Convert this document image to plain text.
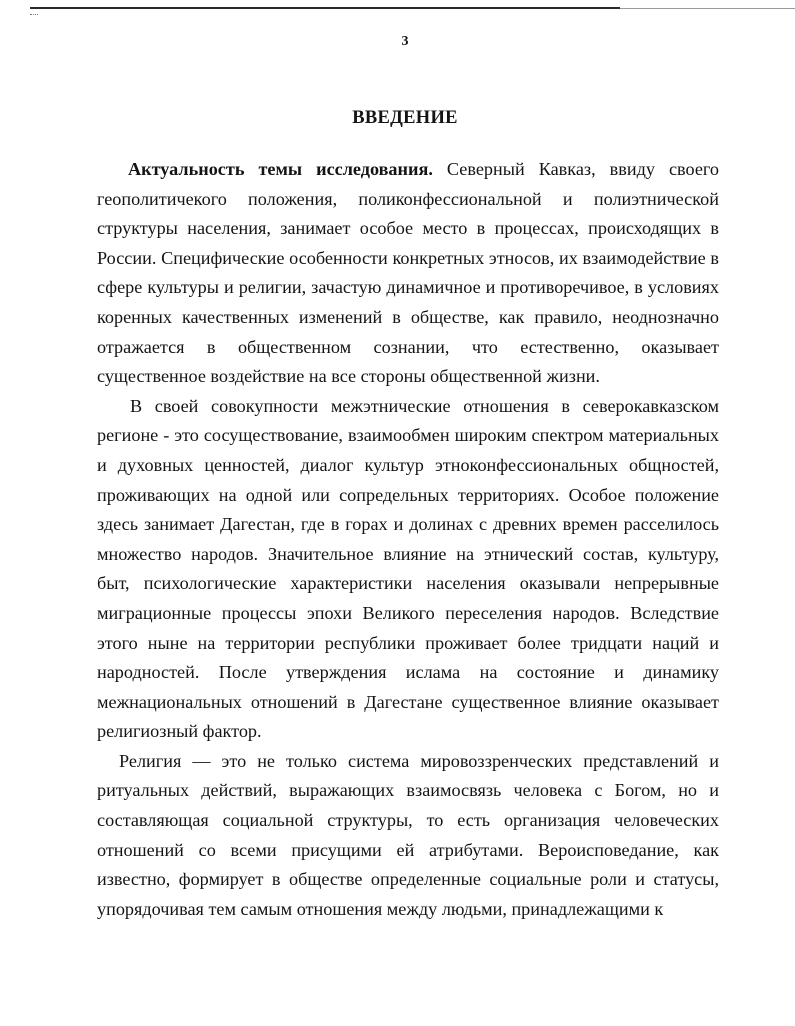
3
ВВЕДЕНИЕ

Актуальность темы исследования. Северный Кавказ, ввиду своего геополитичекого положения, поликонфессиональной и полиэтнической структуры населения, занимает особое место в процессах, происходящих в России. Специфические особенности конкретных этносов, их взаимодействие в сфере культуры и религии, зачастую динамичное и противоречивое, в условиях коренных качественных изменений в обществе, как правило, неоднозначно отражается в общественном сознании, что естественно, оказывает существенное воздействие на все стороны общественной жизни.

В своей совокупности межэтнические отношения в северокавказском регионе - это сосуществование, взаимообмен широким спектром материальных и духовных ценностей, диалог культур этноконфессиональных общностей, проживающих на одной или сопредельных территориях. Особое положение здесь занимает Дагестан, где в горах и долинах с древних времен расселилось множество народов. Значительное влияние на этнический состав, культуру, быт, психологические характеристики населения оказывали непрерывные миграционные процессы эпохи Великого переселения народов. Вследствие этого ныне на территории республики проживает более тридцати наций и народностей. После утверждения ислама на состояние и динамику межнациональных отношений в Дагестане существенное влияние оказывает религиозный фактор.

Религия — это не только система мировоззренческих представлений и ритуальных действий, выражающих взаимосвязь человека с Богом, но и составляющая социальной структуры, то есть организация человеческих отношений со всеми присущими ей атрибутами. Вероисповедание, как известно, формирует в обществе определенные социальные роли и статусы, упорядочивая тем самым отношения между людьми, принадлежащими к
